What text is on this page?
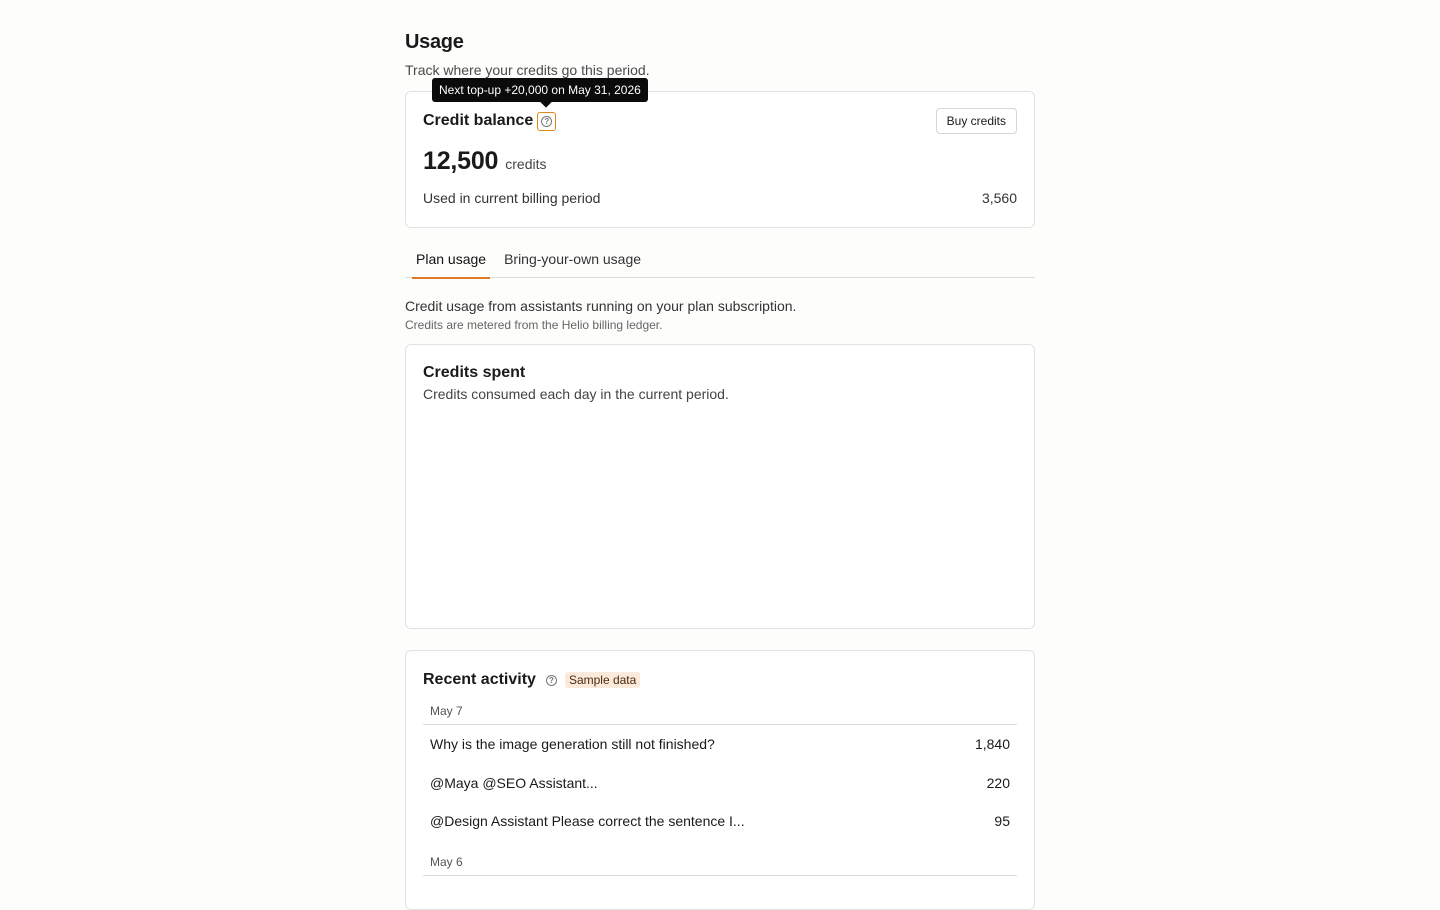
Usage

Track where your credits go this period.

Credit balance	?
Next top-up +20,000 on May 31, 2026
Buy credits
12,500 credits
Used in current billing period	3,560
Plan usage Bring-your-own usage

Credit usage from assistants running on your plan subscription.

Credits are metered from the Helio billing ledger.

Credits spent

Credits consumed each day in the current period.

Recent activity	?	Sample data
May 7
Why is the image generation still not finished?	1,840
@Maya @SEO Assistant...	220
@Design Assistant Please correct the sentence I...	95
May 6
